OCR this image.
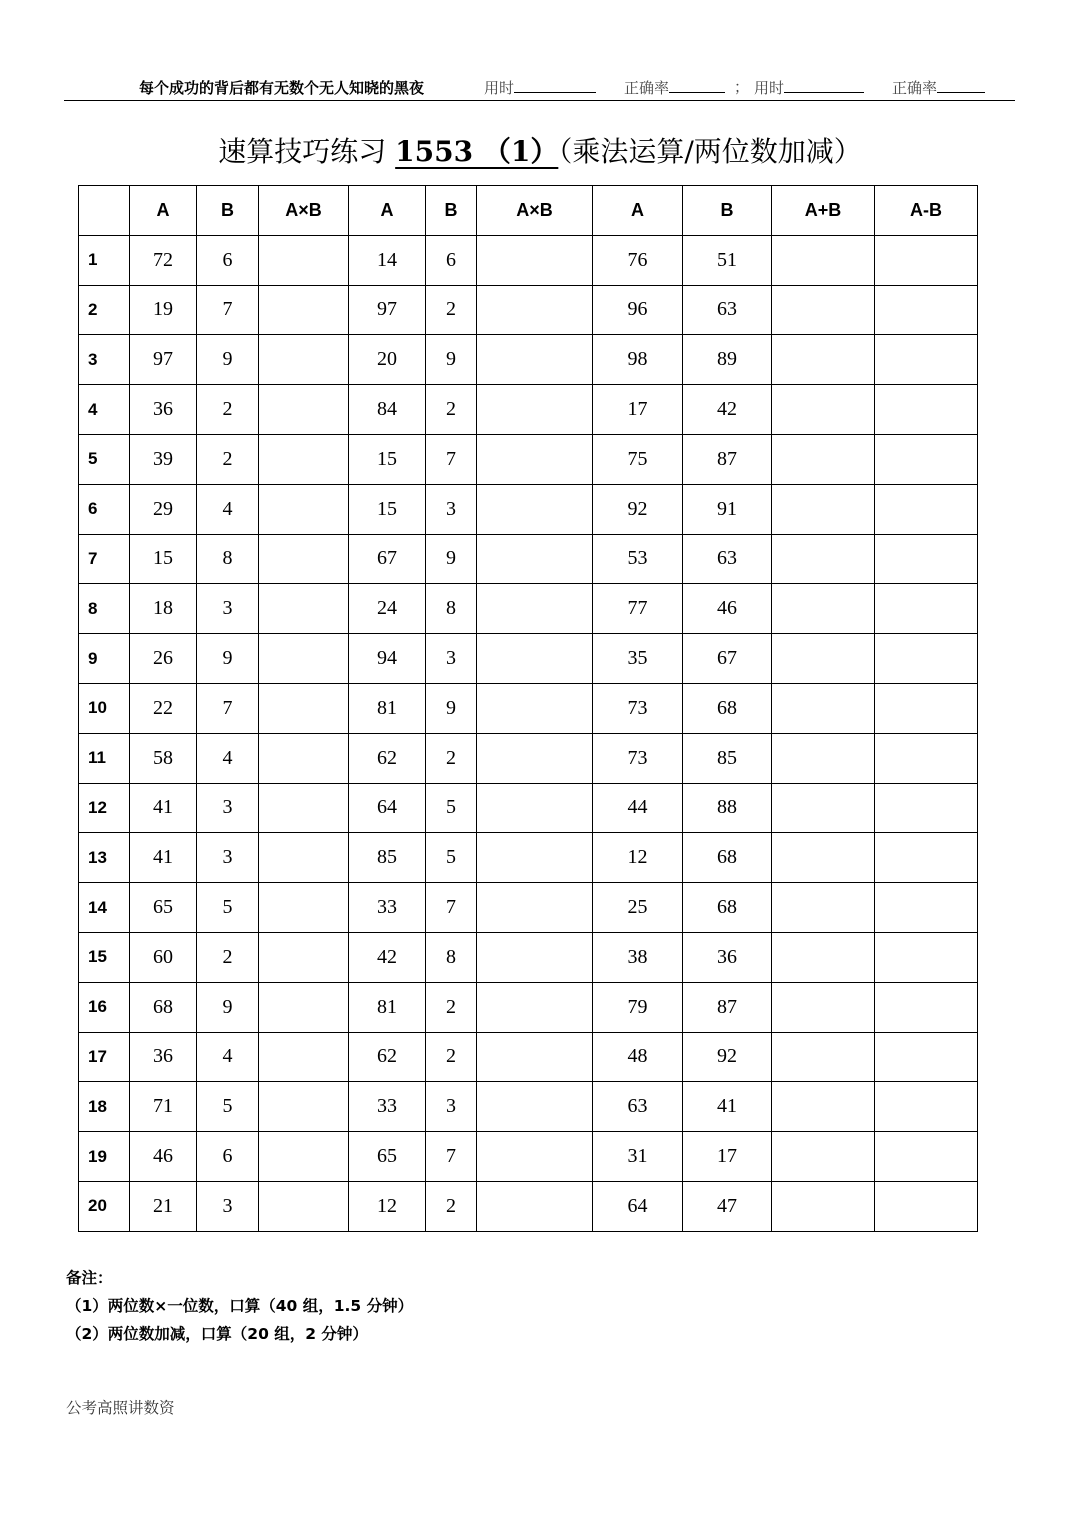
每个成功的背后都有无数个无人知晓的黑夜	用时	正确率	； 用时	正确率
速算技巧练习 1553 （1）（乘法运算/两位数加减）
	A	B	A×B	A	B	A×B	A	B	A+B	A-B
1	72	6		14	6		76	51		
2	19	7		97	2		96	63		
3	97	9		20	9		98	89		
4	36	2		84	2		17	42		
5	39	2		15	7		75	87		
6	29	4		15	3		92	91		
7	15	8		67	9		53	63		
8	18	3		24	8		77	46		
9	26	9		94	3		35	67		
10	22	7		81	9		73	68		
11	58	4		62	2		73	85		
12	41	3		64	5		44	88		
13	41	3		85	5		12	68		
14	65	5		33	7		25	68		
15	60	2		42	8		38	36		
16	68	9		81	2		79	87		
17	36	4		62	2		48	92		
18	71	5		33	3		63	41		
19	46	6		65	7		31	17		
20	21	3		12	2		64	47		
备注：
（1）两位数×一位数，口算（40 组，1.5 分钟）
（2）两位数加减，口算（20 组，2 分钟）
公考高照讲数资
